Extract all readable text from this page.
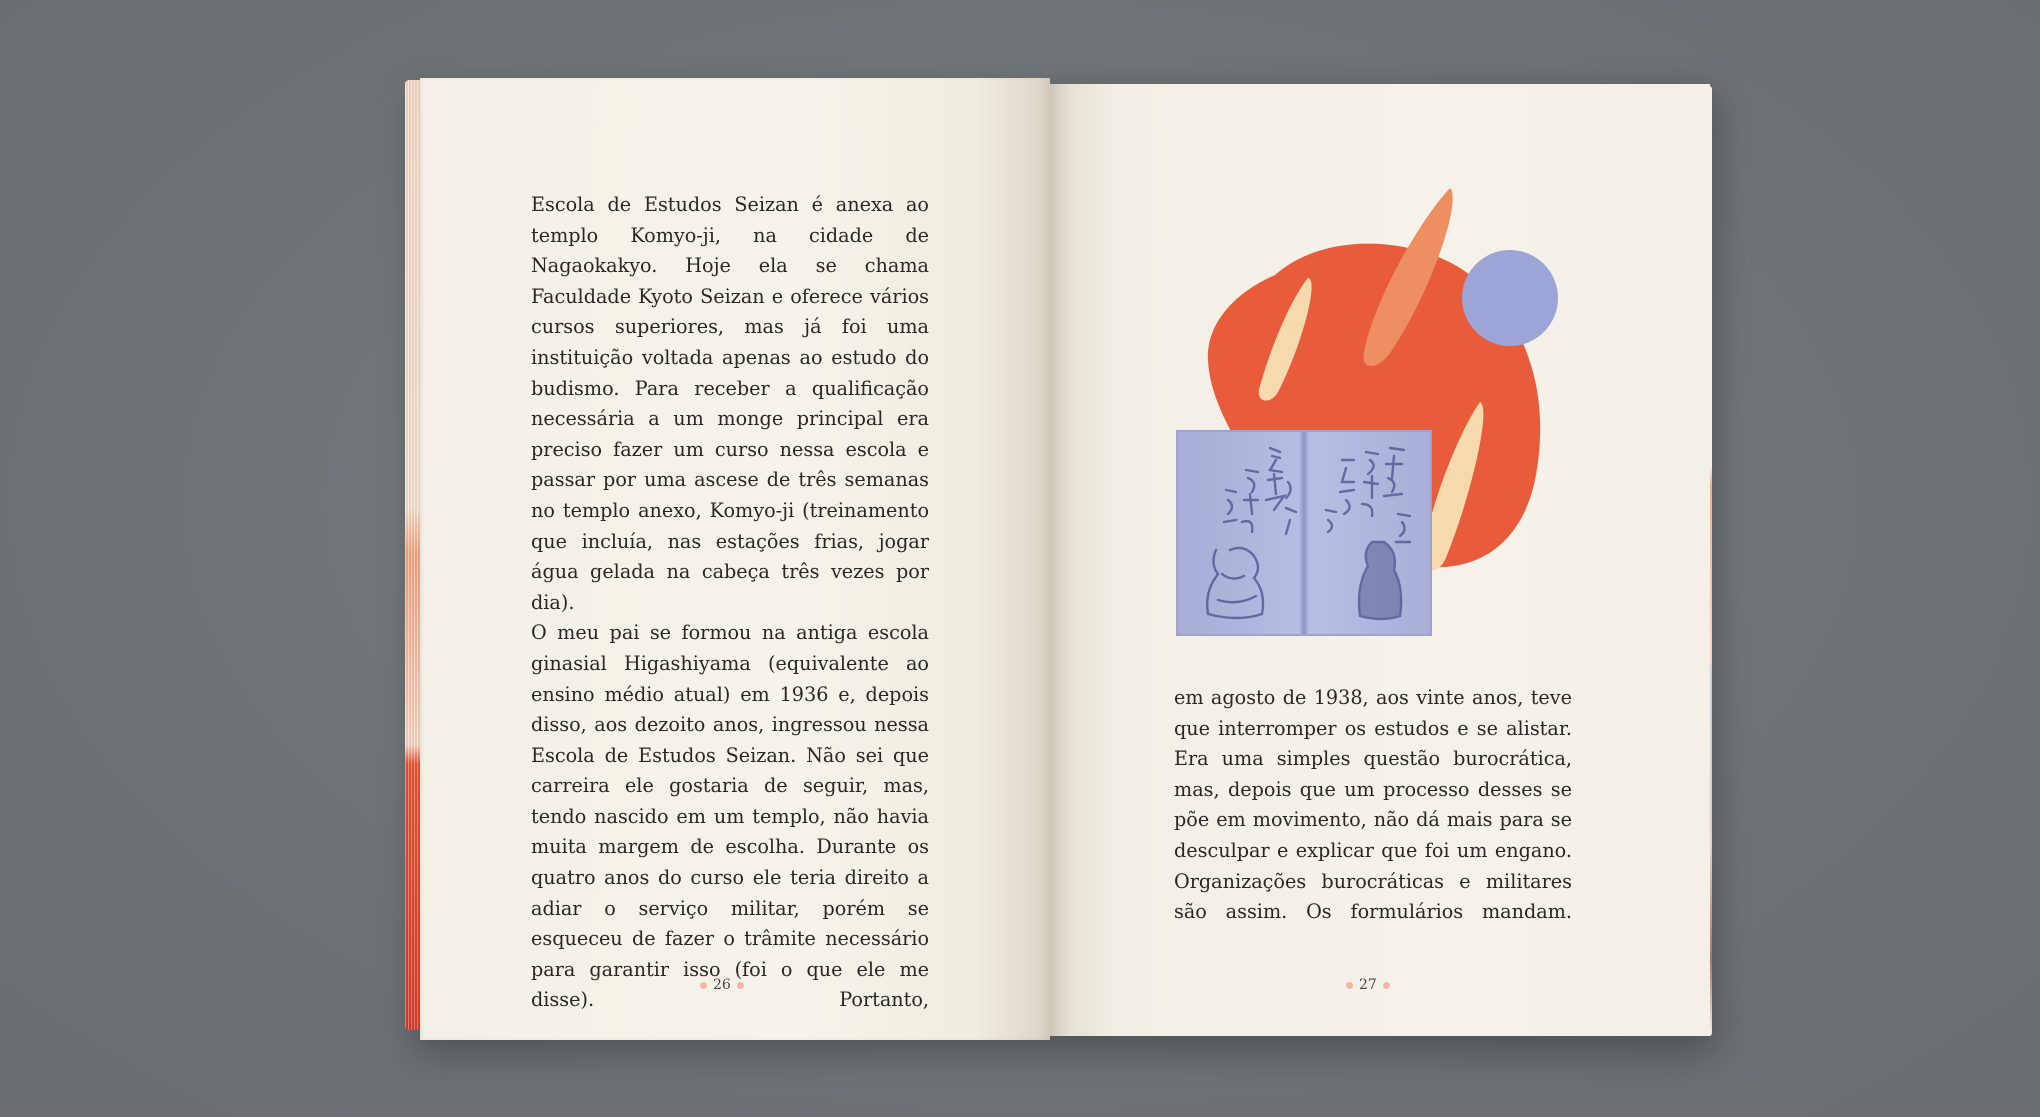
Escola de Estudos Seizan é anexa ao templo Komyo-ji, na cidade de Nagaokakyo. Hoje ela se chama Faculdade Kyoto Seizan e oferece vários cursos superiores, mas já foi uma instituição voltada apenas ao estudo do budismo. Para receber a qualificação necessária a um monge principal era preciso fazer um curso nessa escola e passar por uma ascese de três semanas no templo anexo, Komyo-ji (treinamento que incluía, nas estações frias, jogar água gelada na cabeça três vezes por dia).

O meu pai se formou na antiga escola ginasial Higashiyama (equivalente ao ensino médio atual) em 1936 e, depois disso, aos dezoito anos, ingressou nessa Escola de Estudos Seizan. Não sei que carreira ele gostaria de seguir, mas, tendo nascido em um templo, não havia muita margem de escolha. Durante os quatro anos do curso ele teria direito a adiar o serviço militar, porém se esqueceu de fazer o trâmite necessário para garantir isso (foi o que ele me disse). Portanto,

26

em agosto de 1938, aos vinte anos, teve que interromper os estudos e se alistar. Era uma simples questão burocrática, mas, depois que um processo desses se põe em movimento, não dá mais para se desculpar e explicar que foi um engano. Organizações burocráticas e militares são assim. Os formulários mandam.

27
